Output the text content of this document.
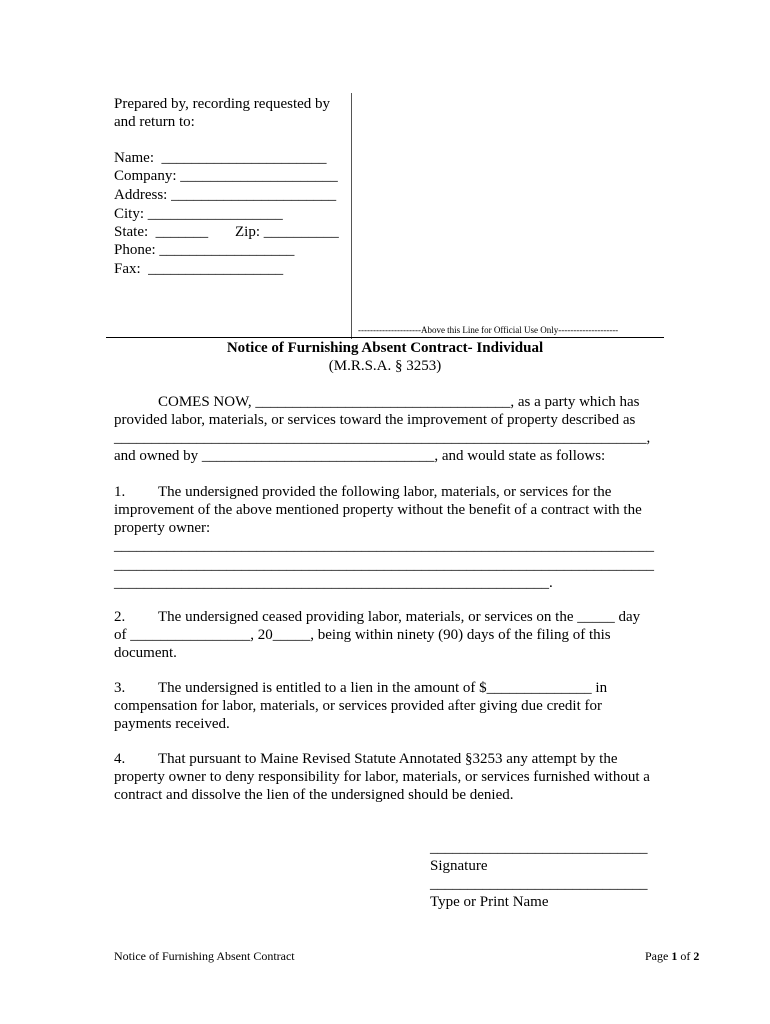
Prepared by, recording requested by
and return to:
Name:  ______________________
Company: _____________________
Address: ______________________
City: __________________
State:  _______ Zip: __________
Phone: __________________
Fax:  __________________
---------------------Above this Line for Official Use Only--------------------
Notice of Furnishing Absent Contract- Individual
(M.R.S.A. § 3253)
COMES NOW, __________________________________, as a party which has
provided labor, materials, or services toward the improvement of property described as
_______________________________________________________________________,
and owned by _______________________________, and would state as follows:
1. The undersigned provided the following labor, materials, or services for the
improvement of the above mentioned property without the benefit of a contract with the
property owner:
________________________________________________________________________
________________________________________________________________________
__________________________________________________________.
2. The undersigned ceased providing labor, materials, or services on the _____ day
of ________________, 20_____, being within ninety (90) days of the filing of this
document.
3. The undersigned is entitled to a lien in the amount of $______________ in
compensation for labor, materials, or services provided after giving due credit for
payments received.
4. That pursuant to Maine Revised Statute Annotated §3253 any attempt by the
property owner to deny responsibility for labor, materials, or services furnished without a
contract and dissolve the lien of the undersigned should be denied.
_____________________________
Signature
_____________________________
Type or Print Name
Notice of Furnishing Absent Contract	Page 1 of 2
